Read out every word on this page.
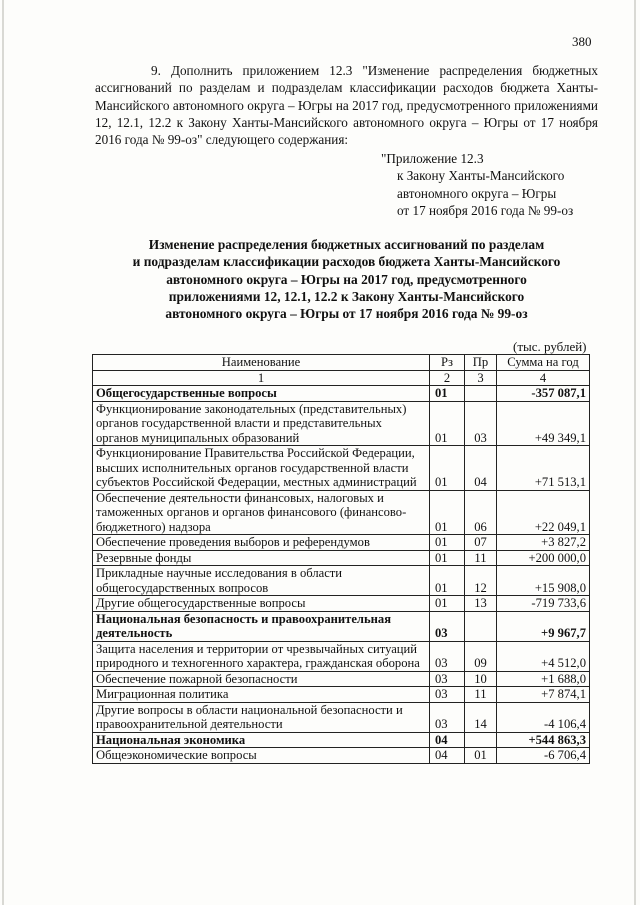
380

9. Дополнить приложением 12.3 "Изменение распределения бюджетных ассигнований по разделам и подразделам классификации расходов бюджета Ханты-Мансийского автономного округа – Югры на 2017 год, предусмотренного приложениями 12, 12.1, 12.2 к Закону Ханты-Мансийского автономного округа – Югры от 17 ноября 2016 года № 99-оз" следующего содержания:

"Приложение 12.3
к Закону Ханты-Мансийского
автономного округа – Югры
от 17 ноября 2016 года № 99-оз
Изменение распределения бюджетных ассигнований по разделам
и подразделам классификации расходов бюджета Ханты-Мансийского
автономного округа – Югры на 2017 год, предусмотренного
приложениями 12, 12.1, 12.2 к Закону Ханты-Мансийского
автономного округа – Югры от 17 ноября 2016 года № 99-оз
(тыс. рублей)
Наименование	Рз	Пр	Сумма на год
1	2	3	4
Общегосударственные вопросы	01		-357 087,1
Функционирование законодательных (представительных) органов государственной власти и представительных органов муниципальных образований	01	03	+49 349,1
Функционирование Правительства Российской Федерации, высших исполнительных органов государственной власти субъектов Российской Федерации, местных администраций	01	04	+71 513,1
Обеспечение деятельности финансовых, налоговых и таможенных органов и органов финансового (финансово-бюджетного) надзора	01	06	+22 049,1
Обеспечение проведения выборов и референдумов	01	07	+3 827,2
Резервные фонды	01	11	+200 000,0
Прикладные научные исследования в области общегосударственных вопросов	01	12	+15 908,0
Другие общегосударственные вопросы	01	13	-719 733,6
Национальная безопасность и правоохранительная деятельность	03		+9 967,7
Защита населения и территории от чрезвычайных ситуаций природного и техногенного характера, гражданская оборона	03	09	+4 512,0
Обеспечение пожарной безопасности	03	10	+1 688,0
Миграционная политика	03	11	+7 874,1
Другие вопросы в области национальной безопасности и правоохранительной деятельности	03	14	-4 106,4
Национальная экономика	04		+544 863,3
Общеэкономические вопросы	04	01	-6 706,4
